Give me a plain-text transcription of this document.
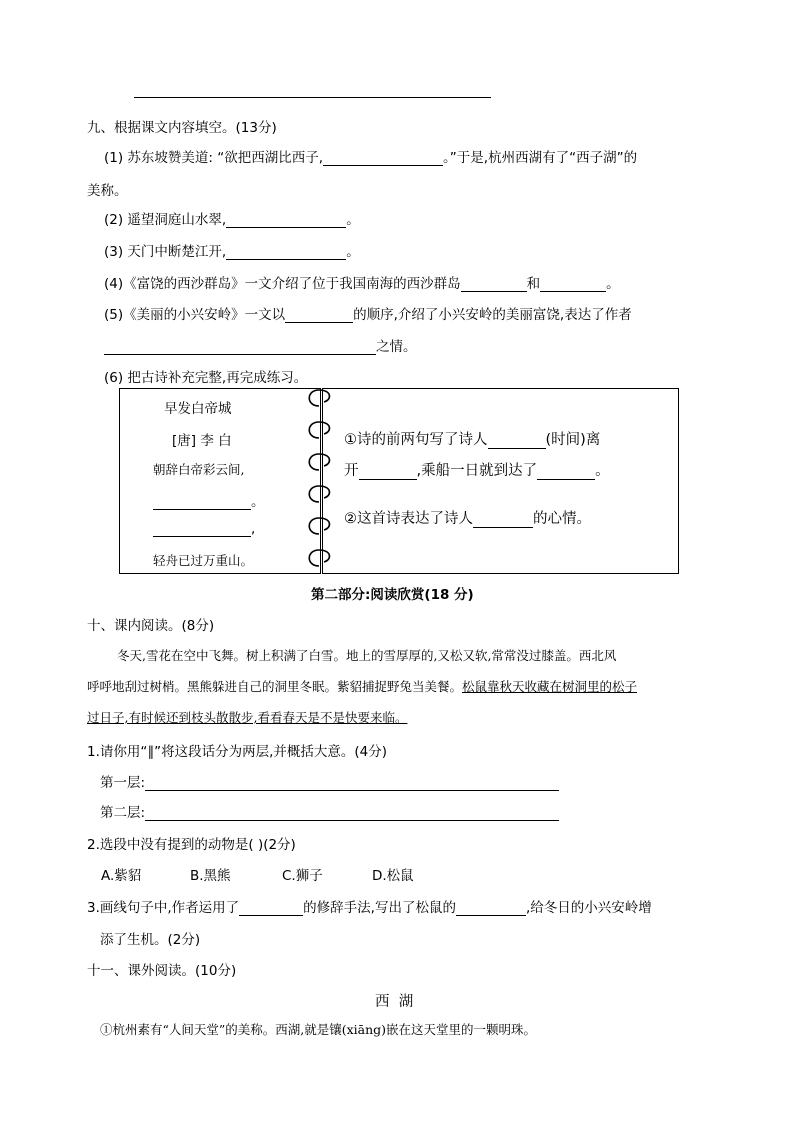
九、根据课文内容填空。(13分)
(1) 苏东坡赞美道: “欲把西湖比西子,	。”于是,杭州西湖有了“西子湖”的
美称。
(2) 遥望洞庭山水翠,	。
(3) 天门中断楚江开,	。
(4)《富饶的西沙群岛》一文介绍了位于我国南海的西沙群岛	和	。
(5)《美丽的小兴安岭》一文以	的顺序,介绍了小兴安岭的美丽富饶,表达了作者
之情。
(6) 把古诗补充完整,再完成练习。
早发白帝城
[唐] 李 白
朝辞白帝彩云间,
。
,
轻舟已过万重山。
①诗的前两句写了诗人	(时间)离
开	,乘船一日就到达了	。
②这首诗表达了诗人	的心情。
第二部分:阅读欣赏(18 分)
十、课内阅读。(8分)
冬天,雪花在空中飞舞。树上积满了白雪。地上的雪厚厚的,又松又软,常常没过膝盖。西北风
呼呼地刮过树梢。黑熊躲进自己的洞里冬眠。紫貂捕捉野兔当美餐。松鼠靠秋天收藏在树洞里的松子
过日子,有时候还到枝头散散步,看看春天是不是快要来临。
1.请你用“∥”将这段话分为两层,并概括大意。(4分)
第一层:
第二层:
2.选段中没有提到的动物是( )(2分)
A.紫貂	B.黑熊	C.狮子	D.松鼠
3.画线句子中,作者运用了	的修辞手法,写出了松鼠的	,给冬日的小兴安岭增
添了生机。(2分)
十一、课外阅读。(10分)
西  湖
①杭州素有“人间天堂”的美称。西湖,就是镶(xiāng)嵌在这天堂里的一颗明珠。
